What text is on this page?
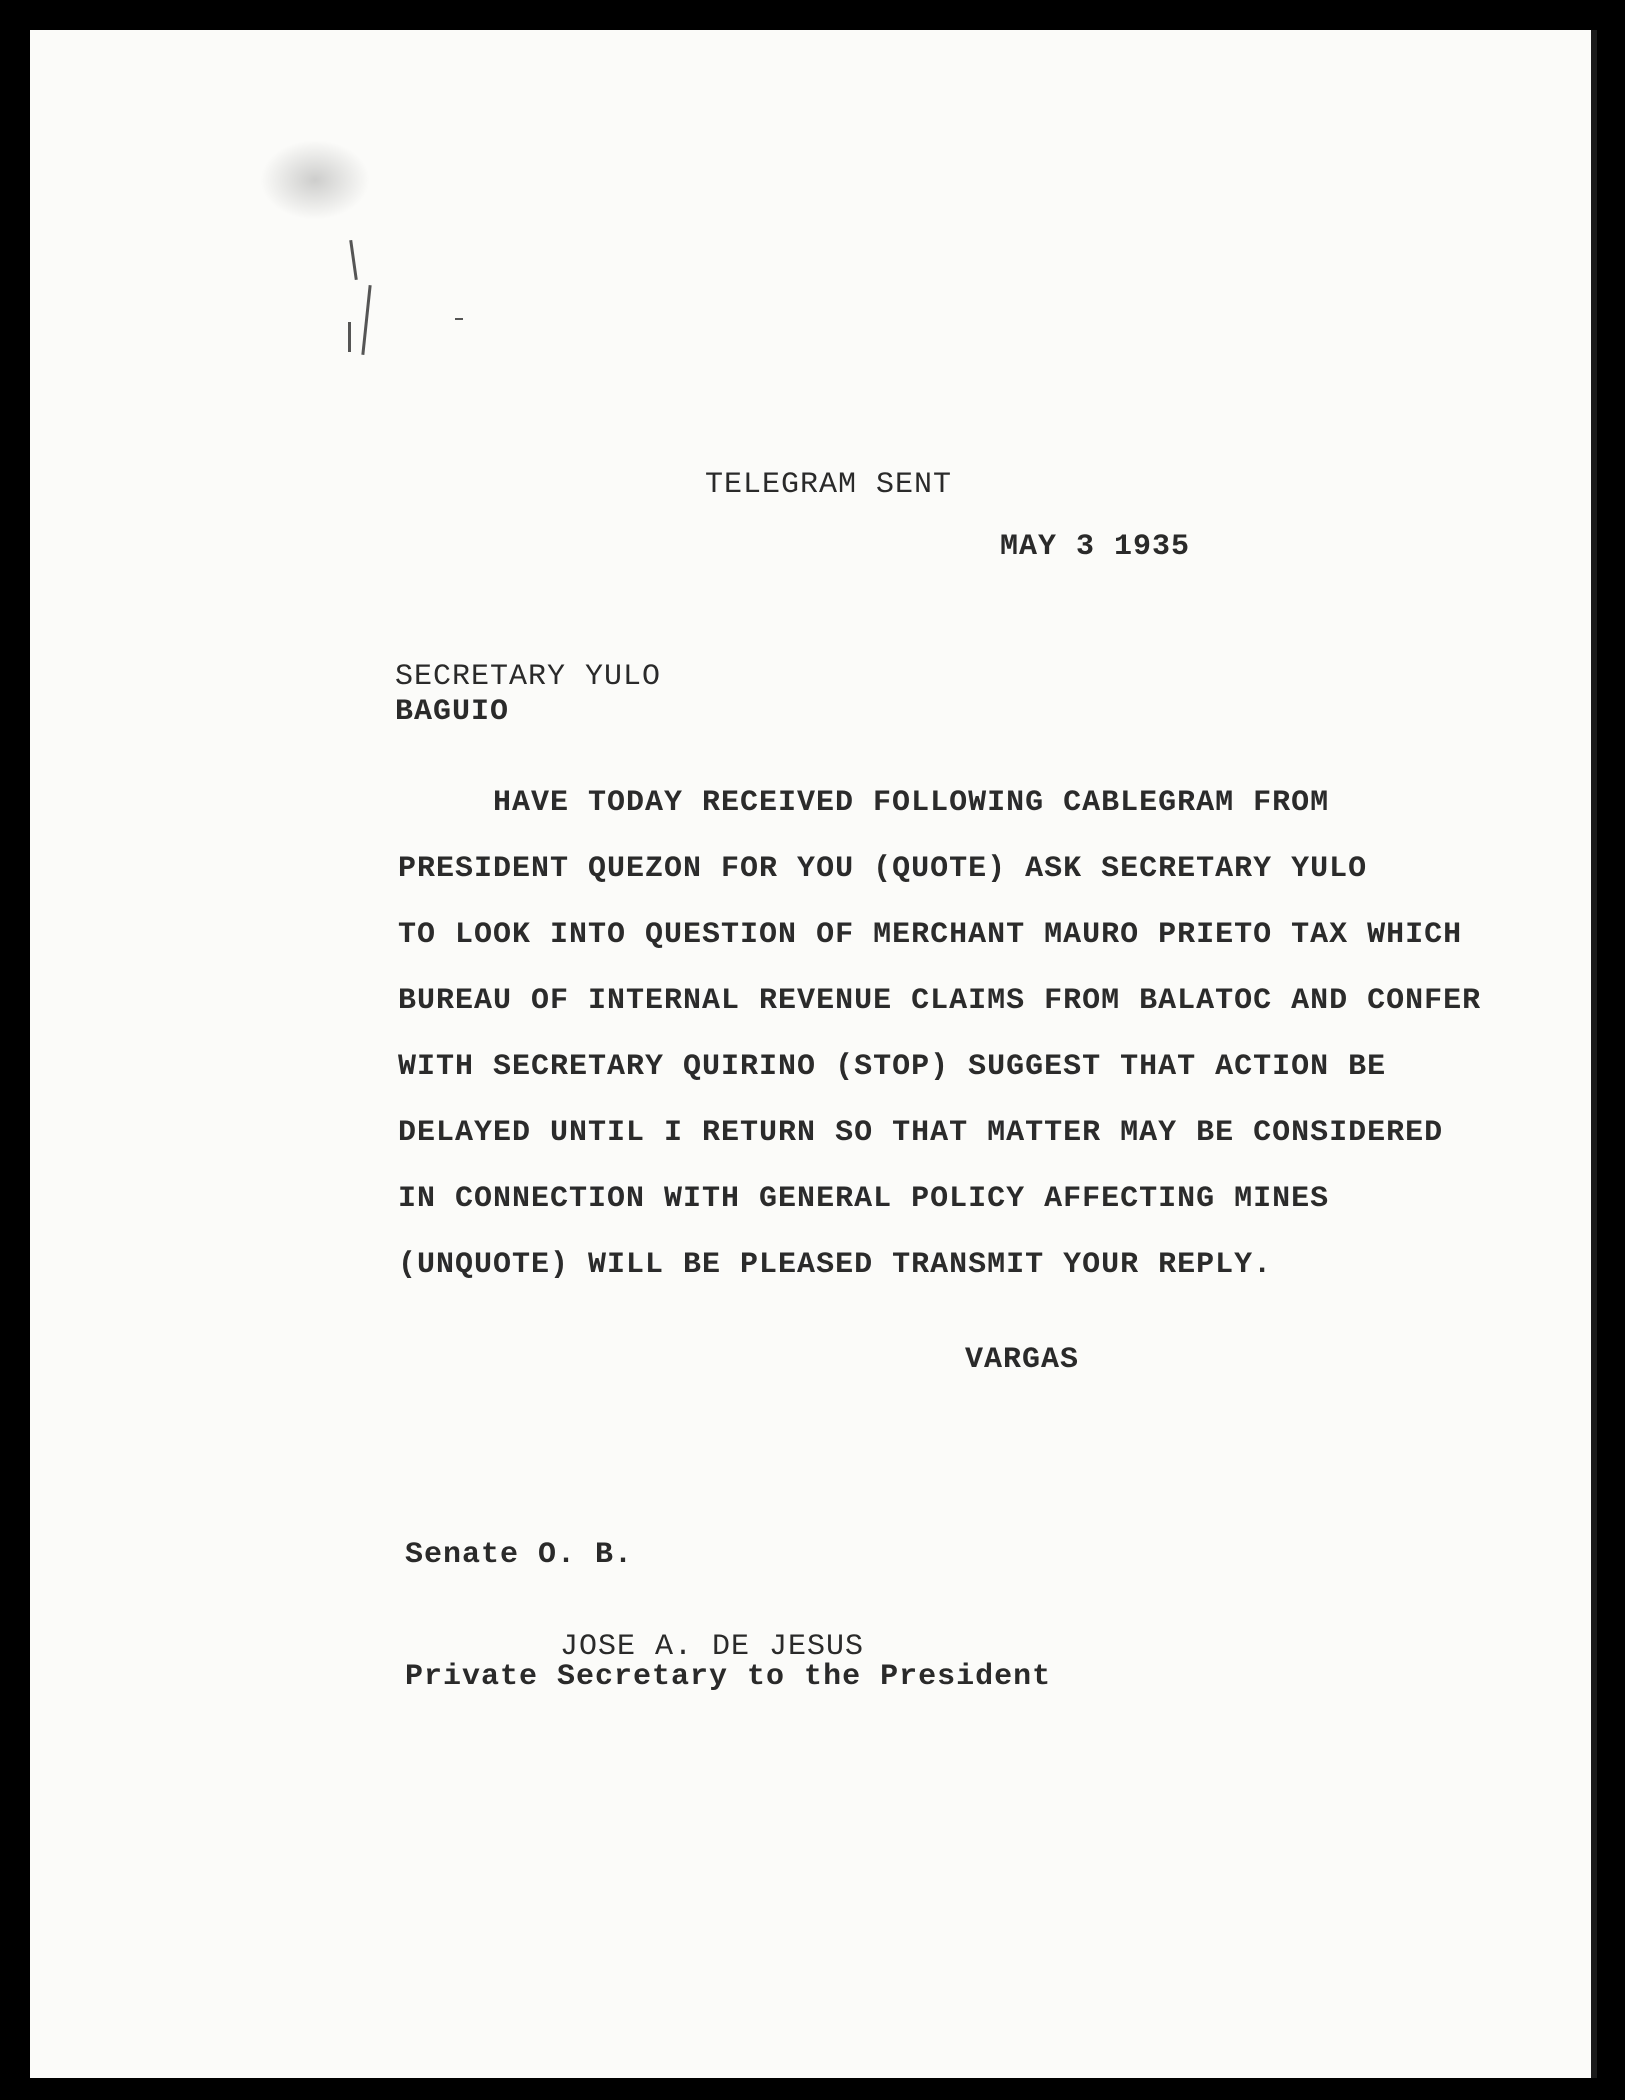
TELEGRAM SENT
MAY 3 1935
SECRETARY YULO
BAGUIO
HAVE TODAY RECEIVED FOLLOWING CABLEGRAM FROM
PRESIDENT QUEZON FOR YOU (QUOTE) ASK SECRETARY YULO
TO LOOK INTO QUESTION OF MERCHANT MAURO PRIETO TAX WHICH
BUREAU OF INTERNAL REVENUE CLAIMS FROM BALATOC AND CONFER
WITH SECRETARY QUIRINO (STOP) SUGGEST THAT ACTION BE
DELAYED UNTIL I RETURN SO THAT MATTER MAY BE CONSIDERED
IN CONNECTION WITH GENERAL POLICY AFFECTING MINES
(UNQUOTE) WILL BE PLEASED TRANSMIT YOUR REPLY.
VARGAS
Senate O. B.
JOSE A. DE JESUS
Private Secretary to the President
